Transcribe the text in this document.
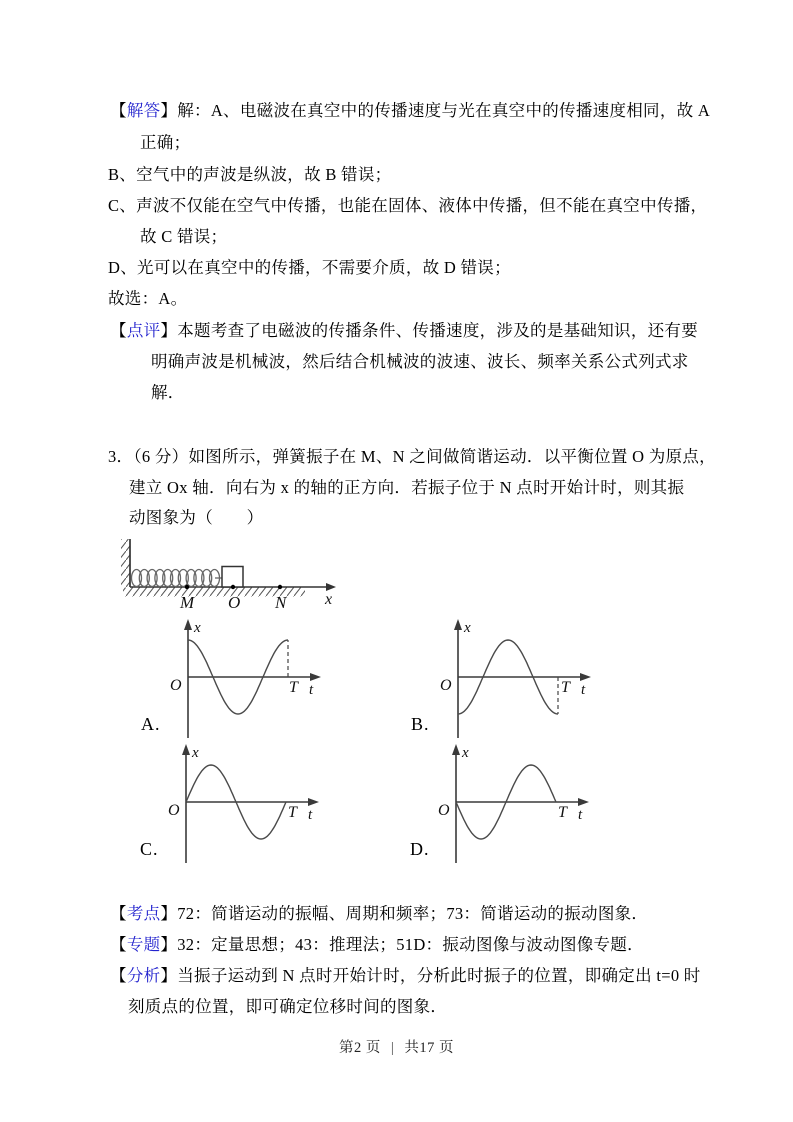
【解答】解：A、电磁波在真空中的传播速度与光在真空中的传播速度相同，故 A
正确；
B、空气中的声波是纵波，故 B 错误；
C、声波不仅能在空气中传播，也能在固体、液体中传播，但不能在真空中传播，
故 C 错误；
D、光可以在真空中的传播，不需要介质，故 D 错误；
故选：A。
【点评】本题考查了电磁波的传播条件、传播速度，涉及的是基础知识，还有要
明确声波是机械波，然后结合机械波的波速、波长、频率关系公式列式求
解．
3．（6 分）如图所示，弹簧振子在 M、N 之间做简谐运动．以平衡位置 O 为原点，
建立 Ox 轴．向右为 x 的轴的正方向．若振子位于 N 点时开始计时，则其振
动图象为（　　）
M O N x
x
O	T t
x
O	T t
x
O	T t
x
O	T t
A.	B.
C.	D.
【考点】72：简谐运动的振幅、周期和频率；73：简谐运动的振动图象．
【专题】32：定量思想；43：推理法；51D：振动图像与波动图像专题．
【分析】当振子运动到 N 点时开始计时，分析此时振子的位置，即确定出 t=0 时
刻质点的位置，即可确定位移时间的图象．
第2 页 | 共17 页
